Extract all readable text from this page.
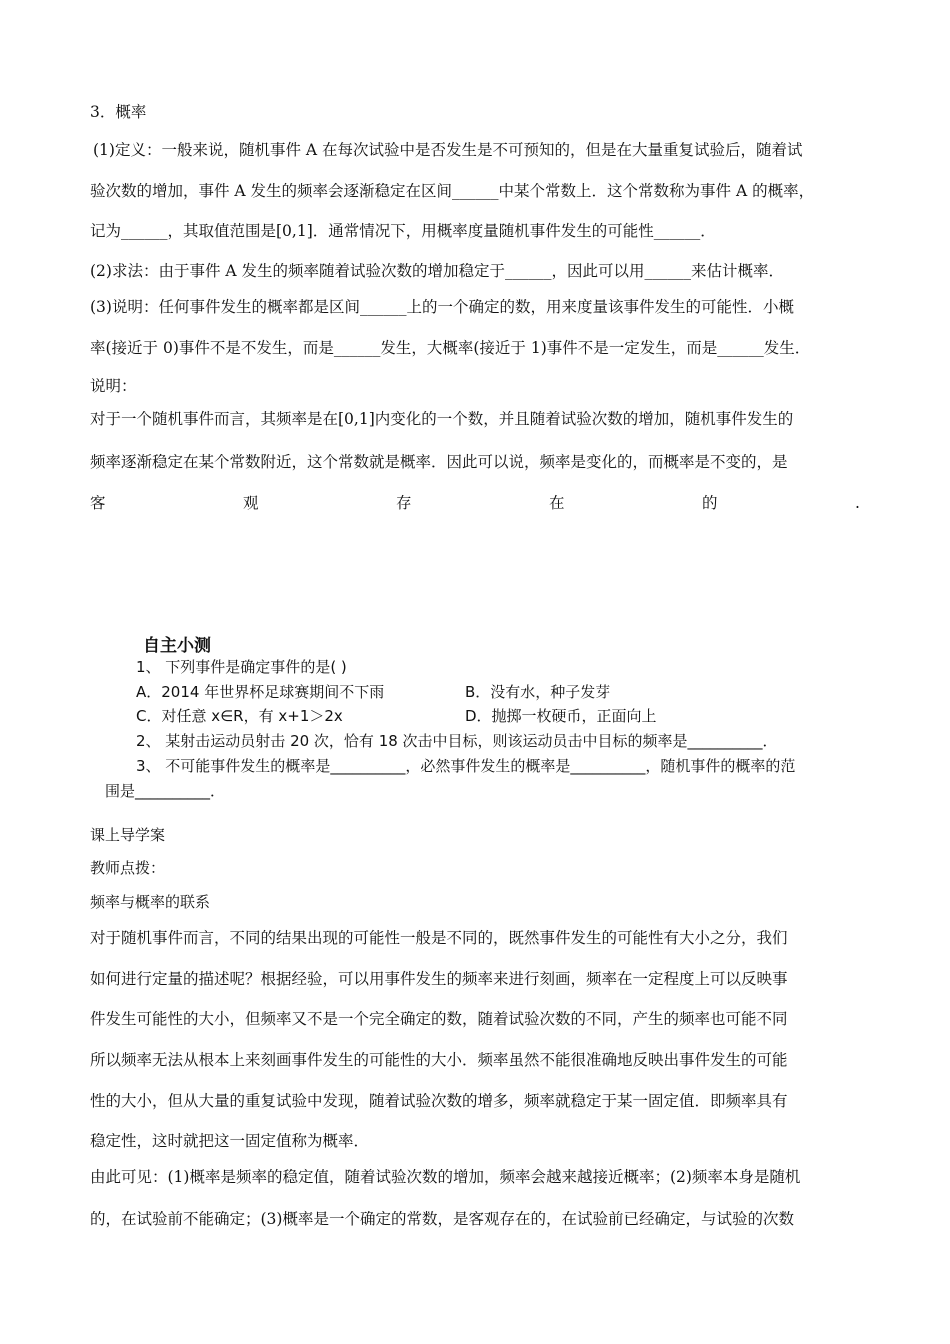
3．概率
(1)定义：一般来说，随机事件 A 在每次试验中是否发生是不可预知的，但是在大量重复试验后，随着试
验次数的增加，事件 A 发生的频率会逐渐稳定在区间______中某个常数上．这个常数称为事件 A 的概率，
记为______，其取值范围是[0,1]．通常情况下，用概率度量随机事件发生的可能性______．
(2)求法：由于事件 A 发生的频率随着试验次数的增加稳定于______，因此可以用______来估计概率．
(3)说明：任何事件发生的概率都是区间______上的一个确定的数，用来度量该事件发生的可能性．小概
率(接近于 0)事件不是不发生，而是______发生，大概率(接近于 1)事件不是一定发生，而是______发生．
说明：
对于一个随机事件而言，其频率是在[0,1]内变化的一个数，并且随着试验次数的增加，随机事件发生的
频率逐渐稳定在某个常数附近，这个常数就是概率．因此可以说，频率是变化的，而概率是不变的，是
客	观	存	在	的	.
自主小测
1、 下列事件是确定事件的是( )
A．2014 年世界杯足球赛期间不下雨	B．没有水，种子发芽
C．对任意 x∈R，有 x+1＞2x	D．抛掷一枚硬币，正面向上
2、 某射击运动员射击 20 次，恰有 18 次击中目标，则该运动员击中目标的频率是__________．
3、 不可能事件发生的概率是__________，必然事件发生的概率是__________，随机事件的概率的范
围是__________．
课上导学案
教师点拨：
频率与概率的联系
对于随机事件而言，不同的结果出现的可能性一般是不同的，既然事件发生的可能性有大小之分，我们
如何进行定量的描述呢？根据经验，可以用事件发生的频率来进行刻画，频率在一定程度上可以反映事
件发生可能性的大小，但频率又不是一个完全确定的数，随着试验次数的不同，产生的频率也可能不同
所以频率无法从根本上来刻画事件发生的可能性的大小．频率虽然不能很准确地反映出事件发生的可能
性的大小，但从大量的重复试验中发现，随着试验次数的增多，频率就稳定于某一固定值．即频率具有
稳定性，这时就把这一固定值称为概率．
由此可见：(1)概率是频率的稳定值，随着试验次数的增加，频率会越来越接近概率；(2)频率本身是随机
的，在试验前不能确定；(3)概率是一个确定的常数，是客观存在的，在试验前已经确定，与试验的次数
